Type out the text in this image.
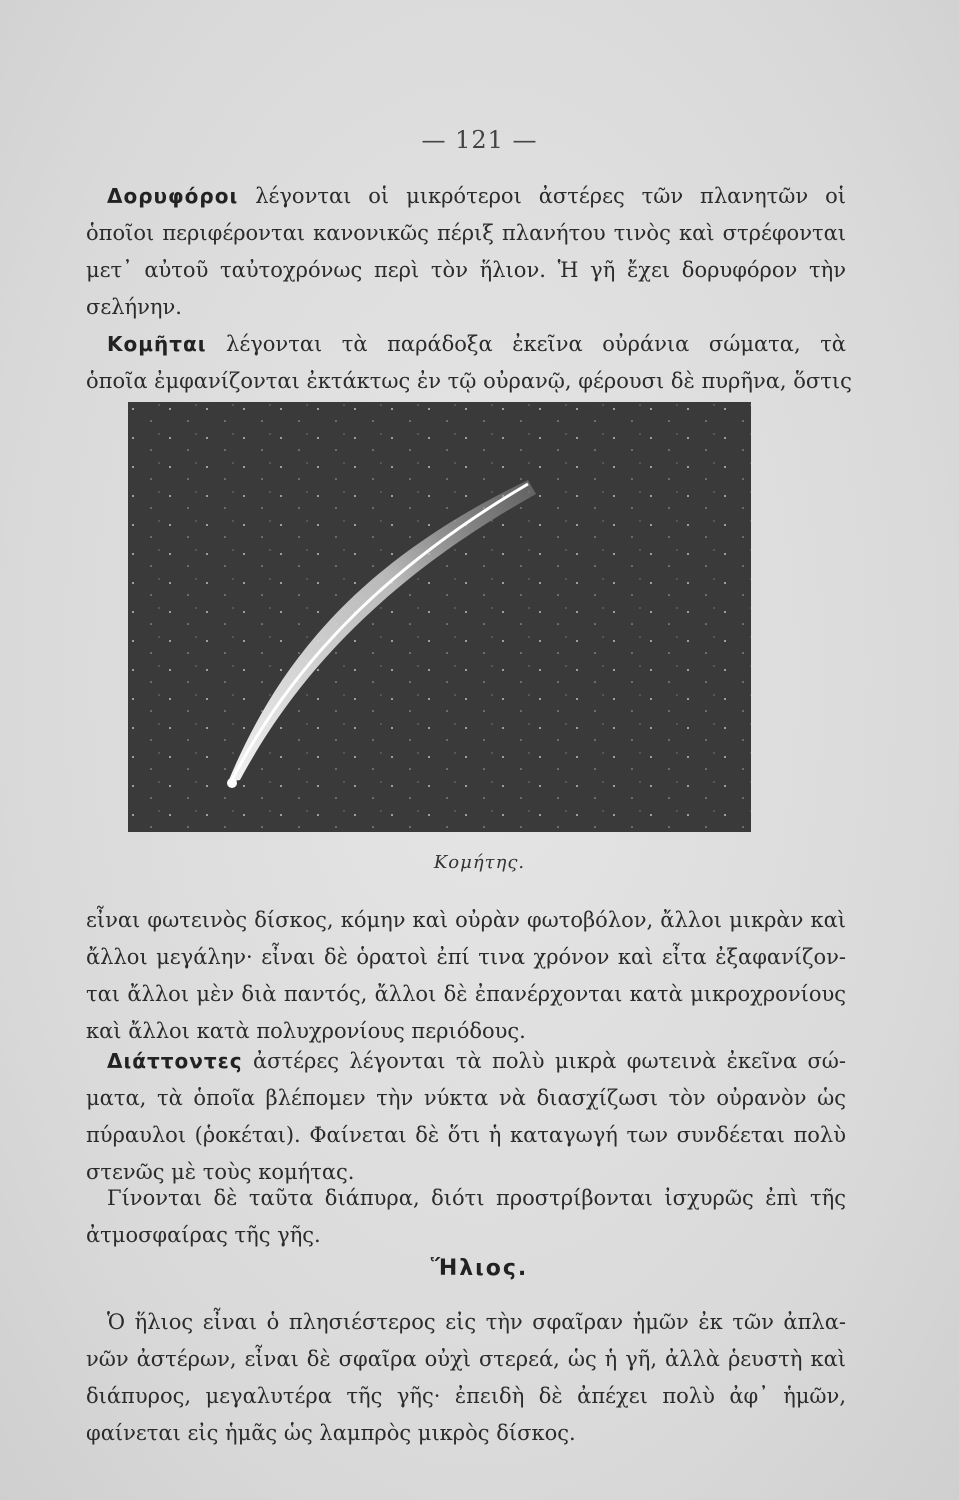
— 121 —
 Δορυφόροι λέγονται οἱ μικρότεροι ἀστέρες τῶν πλανητῶν οἱ
ὁποῖοι περιφέρονται κανονικῶς πέριξ πλανήτου τινὸς καὶ στρέφονται
μετ᾽ αὐτοῦ ταὐτοχρόνως περὶ τὸν ἥλιον. Ἡ γῆ ἔχει δορυφόρον τὴν
σελήνην.
 Κομῆται λέγονται τὰ παράδοξα ἐκεῖνα οὐράνια σώματα, τὰ
ὁποῖα ἐμφανίζονται ἐκτάκτως ἐν τῷ οὐρανῷ, φέρουσι δὲ πυρῆνα, ὅστις
Κομήτης.
εἶναι φωτεινὸς δίσκος, κόμην καὶ οὐρὰν φωτοβόλον, ἄλλοι μικρὰν καὶ
ἄλλοι μεγάλην· εἶναι δὲ ὁρατοὶ ἐπί τινα χρόνον καὶ εἶτα ἐξαφανίζον-
ται ἄλλοι μὲν διὰ παντός, ἄλλοι δὲ ἐπανέρχονται κατὰ μικροχρονίους
καὶ ἄλλοι κατὰ πολυχρονίους περιόδους.
 Διάττοντες ἀστέρες λέγονται τὰ πολὺ μικρὰ φωτεινὰ ἐκεῖνα σώ-
ματα, τὰ ὁποῖα βλέπομεν τὴν νύκτα νὰ διασχίζωσι τὸν οὐρανὸν ὡς
πύραυλοι (ῥοκέται). Φαίνεται δὲ ὅτι ἡ καταγωγή των συνδέεται πολὺ
στενῶς μὲ τοὺς κομήτας.
 Γίνονται δὲ ταῦτα διάπυρα, διότι προστρίβονται ἰσχυρῶς ἐπὶ τῆς
ἀτμοσφαίρας τῆς γῆς.
Ἥλιος.
 Ὁ ἥλιος εἶναι ὁ πλησιέστερος εἰς τὴν σφαῖραν ἡμῶν ἐκ τῶν ἀπλα-
νῶν ἀστέρων, εἶναι δὲ σφαῖρα οὐχὶ στερεά, ὡς ἡ γῆ, ἀλλὰ ῥευστὴ καὶ
διάπυρος, μεγαλυτέρα τῆς γῆς· ἐπειδὴ δὲ ἀπέχει πολὺ ἀφ᾽ ἡμῶν,
φαίνεται εἰς ἡμᾶς ὡς λαμπρὸς μικρὸς δίσκος.
